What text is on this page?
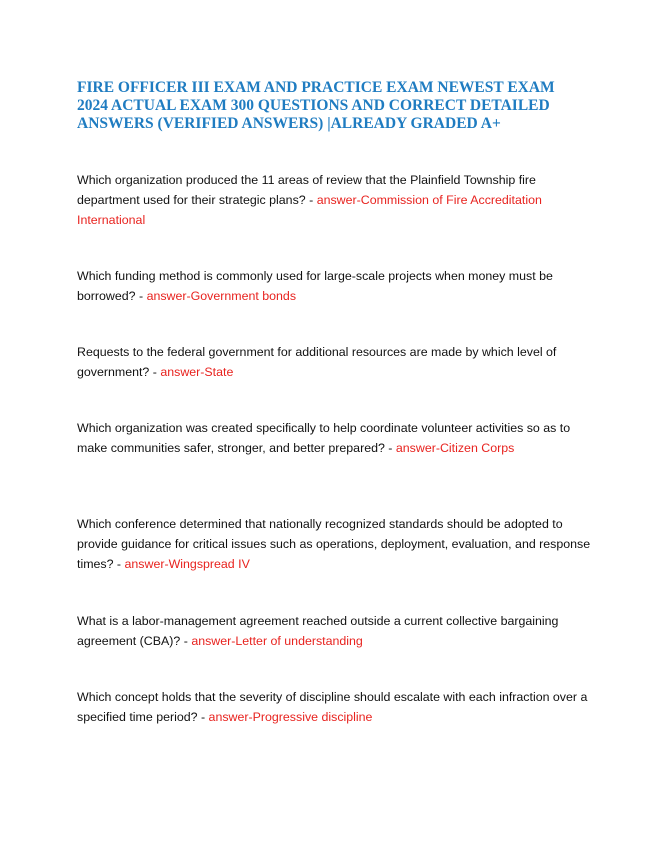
FIRE OFFICER III EXAM AND PRACTICE EXAM NEWEST EXAM 2024 ACTUAL EXAM 300 QUESTIONS AND CORRECT DETAILED ANSWERS (VERIFIED ANSWERS) |ALREADY GRADED A+

Which organization produced the 11 areas of review that the Plainfield Township fire department used for their strategic plans? - answer-Commission of Fire Accreditation International

Which funding method is commonly used for large-scale projects when money must be borrowed? - answer-Government bonds

Requests to the federal government for additional resources are made by which level of government? - answer-State

Which organization was created specifically to help coordinate volunteer activities so as to make communities safer, stronger, and better prepared? - answer-Citizen Corps

Which conference determined that nationally recognized standards should be adopted to provide guidance for critical issues such as operations, deployment, evaluation, and response times? - answer-Wingspread IV

What is a labor-management agreement reached outside a current collective bargaining agreement (CBA)? - answer-Letter of understanding

Which concept holds that the severity of discipline should escalate with each infraction over a specified time period? - answer-Progressive discipline
